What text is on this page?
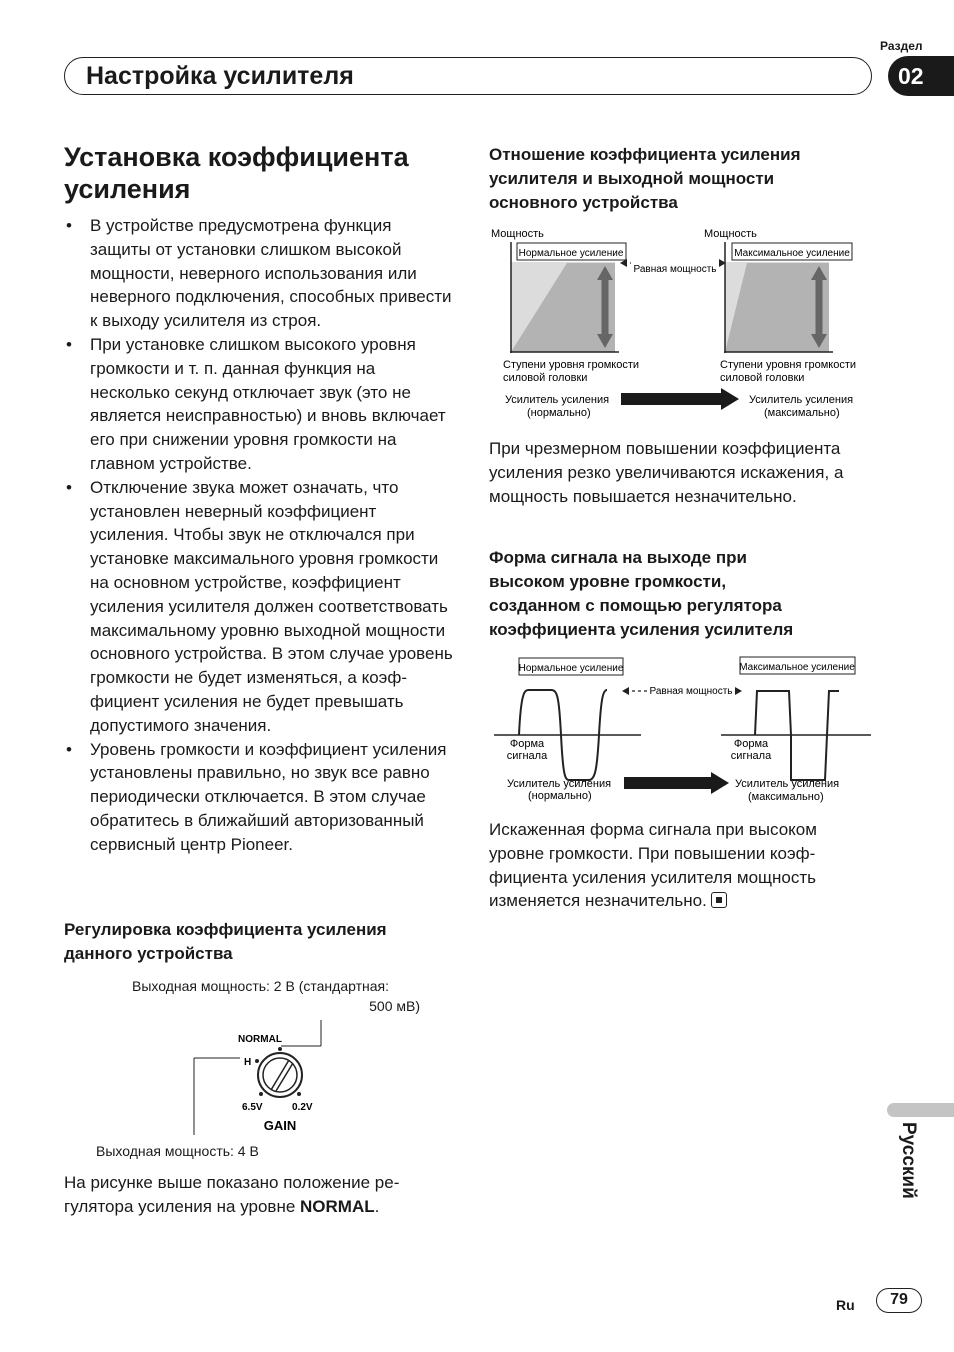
Настройка усилителя
Раздел
02
Установка коэффициента
усиления
• В устройстве предусмотрена функция защиты от установки слишком высокой мощности, неверного использования или неверного подключения, способных привести к выходу усилителя из строя.
• При установке слишком высокого уровня громкости и т. п. данная функция на несколько секунд отключает звук (это не является неисправностью) и вновь включает его при снижении уровня громкости на главном устройстве.
• Отключение звука может означать, что установлен неверный коэффициент усиления. Чтобы звук не отключался при установке максимального уровня громкости на основном устройстве, коэффициент усиления усилителя должен соответствовать максимальному уровню выходной мощности основного устройства. В этом случае уровень громкости не будет изменяться, а коэффициент усиления не будет превышать допустимого значения.
• Уровень громкости и коэффициент усиления установлены правильно, но звук все равно периодически отключается. В этом случае обратитесь в ближайший авторизованный сервисный центр Pioneer.
Регулировка коэффициента усиления
данного устройства
Выходная мощность: 2 В (стандартная:
500 мВ)
NORMAL
H
6.5V	0.2V
GAIN
Выходная мощность: 4 В
На рисунке выше показано положение регулятора усиления на уровне NORMAL.
Отношение коэффициента усиления
усилителя и выходной мощности
основного устройства
Мощность
Нормальное усиление
Ступени уровня громкости
силовой головки
Равная мощность
Мощность
Максимальное усиление
Ступени уровня громкости
силовой головки
Усилитель усиления
(нормально)
Усилитель усиления
(максимально)
При чрезмерном повышении коэффициента усиления резко увеличиваются искажения, а мощность повышается незначительно.
Форма сигнала на выходе при
высоком уровне громкости,
созданном с помощью регулятора
коэффициента усиления усилителя
Нормальное усиление	Максимальное усиление
Равная мощность
Форма
сигнала
Форма
сигнала
Усилитель усиления
(нормально)
Усилитель усиления
(максимально)
Искаженная форма сигнала при высоком уровне громкости. При повышении коэффициента усиления усилителя мощность изменяется незначительно.
Русский
Ru	79
